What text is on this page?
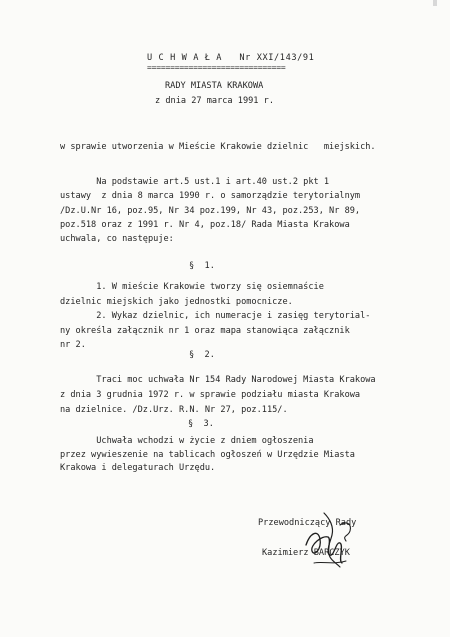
U C H W A Ł A   Nr XXI/143/91
==============================
RADY MIASTA KRAKOWA
z dnia 27 marca 1991 r.
w sprawie utworzenia w Mieście Krakowie dzielnic   miejskich.
Na podstawie art.5 ust.1 i art.40 ust.2 pkt 1
ustawy  z dnia 8 marca 1990 r. o samorządzie terytorialnym
/Dz.U.Nr 16, poz.95, Nr 34 poz.199, Nr 43, poz.253, Nr 89,
poz.518 oraz z 1991 r. Nr 4, poz.18/ Rada Miasta Krakowa
uchwala, co następuje:
§  1.
1. W mieście Krakowie tworzy się osiemnaście
dzielnic miejskich jako jednostki pomocnicze.
2. Wykaz dzielnic, ich numeracje i zasięg terytorial-
ny określa załącznik nr 1 oraz mapa stanowiąca załącznik
nr 2.
§  2.
Traci moc uchwała Nr 154 Rady Narodowej Miasta Krakowa
z dnia 3 grudnia 1972 r. w sprawie podziału miasta Krakowa
na dzielnice. /Dz.Urz. R.N. Nr 27, poz.115/.
§  3.
Uchwała wchodzi w życie z dniem ogłoszenia
przez wywieszenie na tablicach ogłoszeń w Urzędzie Miasta
Krakowa i delegaturach Urzędu.
Przewodniczący Rady
Kazimierz BARCZYK
